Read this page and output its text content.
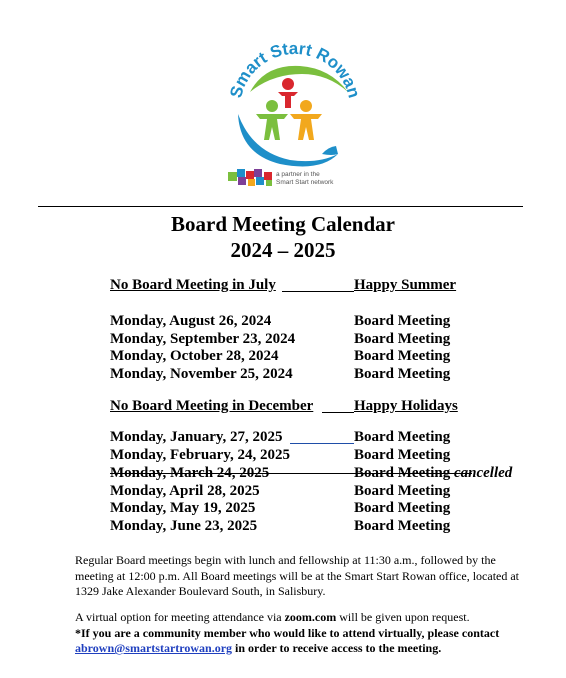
Smart Start Rowan
a partner in the
Smart Start network
Board Meeting Calendar
2024 – 2025
No Board Meeting in July	Happy Summer
Monday, August 26, 2024	Board Meeting
Monday, September 23, 2024	Board Meeting
Monday, October 28, 2024	Board Meeting
Monday, November 25, 2024	Board Meeting
No Board Meeting in December	Happy Holidays
Monday, January, 27, 2025	Board Meeting
Monday, February, 24, 2025	Board Meeting
Monday, March 24, 2025	Board Meeting cancelled
Monday, April 28, 2025	Board Meeting
Monday, May 19, 2025	Board Meeting
Monday, June 23, 2025	Board Meeting
Regular Board meetings begin with lunch and fellowship at 11:30 a.m., followed by the meeting at 12:00 p.m. All Board meetings will be at the Smart Start Rowan office, located at 1329 Jake Alexander Boulevard South, in Salisbury.
A virtual option for meeting attendance via zoom.com will be given upon request.
*If you are a community member who would like to attend virtually, please contact abrown@smartstartrowan.org in order to receive access to the meeting.
